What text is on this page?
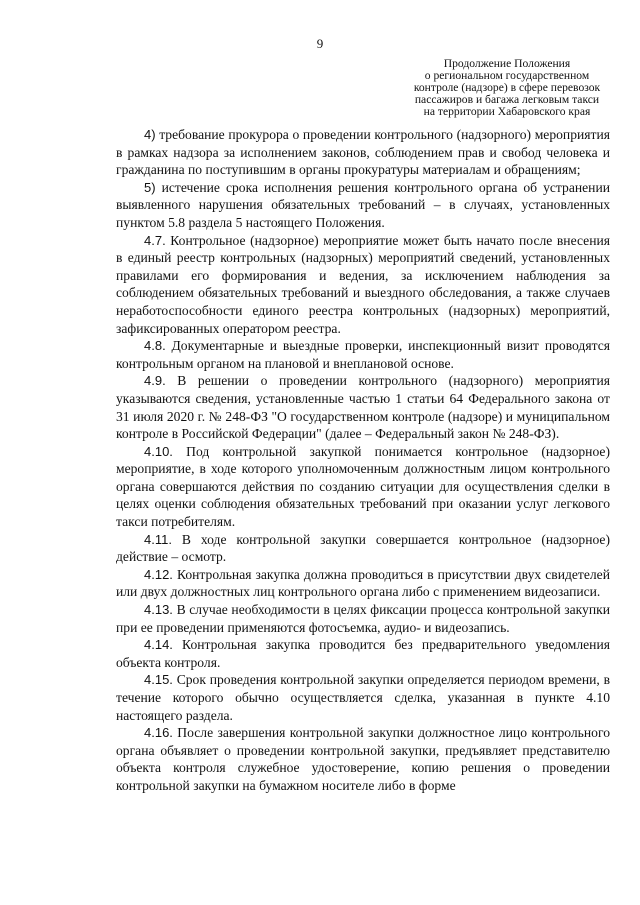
9
Продолжение Положения
о региональном государственном
контроле (надзоре) в сфере перевозок
пассажиров и багажа легковым такси
на территории Хабаровского края

4) требование прокурора о проведении контрольного (надзорного) мероприятия в рамках надзора за исполнением законов, соблюдением прав и свобод человека и гражданина по поступившим в органы прокуратуры материалам и обращениям;

5) истечение срока исполнения решения контрольного органа об устранении выявленного нарушения обязательных требований – в случаях, установленных пунктом 5.8 раздела 5 настоящего Положения.

4.7. Контрольное (надзорное) мероприятие может быть начато после внесения в единый реестр контрольных (надзорных) мероприятий сведений, установленных правилами его формирования и ведения, за исключением наблюдения за соблюдением обязательных требований и выездного обследования, а также случаев неработоспособности единого реестра контрольных (надзорных) мероприятий, зафиксированных оператором реестра.

4.8. Документарные и выездные проверки, инспекционный визит проводятся контрольным органом на плановой и внеплановой основе.

4.9. В решении о проведении контрольного (надзорного) мероприятия указываются сведения, установленные частью 1 статьи 64 Федерального закона от 31 июля 2020 г. № 248-ФЗ "О государственном контроле (надзоре) и муниципальном контроле в Российской Федерации" (далее – Федеральный закон № 248-ФЗ).

4.10. Под контрольной закупкой понимается контрольное (надзорное) мероприятие, в ходе которого уполномоченным должностным лицом контрольного органа совершаются действия по созданию ситуации для осуществления сделки в целях оценки соблюдения обязательных требований при оказании услуг легкового такси потребителям.

4.11. В ходе контрольной закупки совершается контрольное (надзорное) действие – осмотр.

4.12. Контрольная закупка должна проводиться в присутствии двух свидетелей или двух должностных лиц контрольного органа либо с применением видеозаписи.

4.13. В случае необходимости в целях фиксации процесса контрольной закупки при ее проведении применяются фотосъемка, аудио- и видеозапись.

4.14. Контрольная закупка проводится без предварительного уведомления объекта контроля.

4.15. Срок проведения контрольной закупки определяется периодом времени, в течение которого обычно осуществляется сделка, указанная в пункте 4.10 настоящего раздела.

4.16. После завершения контрольной закупки должностное лицо контрольного органа объявляет о проведении контрольной закупки, предъявляет представителю объекта контроля служебное удостоверение, копию решения о проведении контрольной закупки на бумажном носителе либо в форме
